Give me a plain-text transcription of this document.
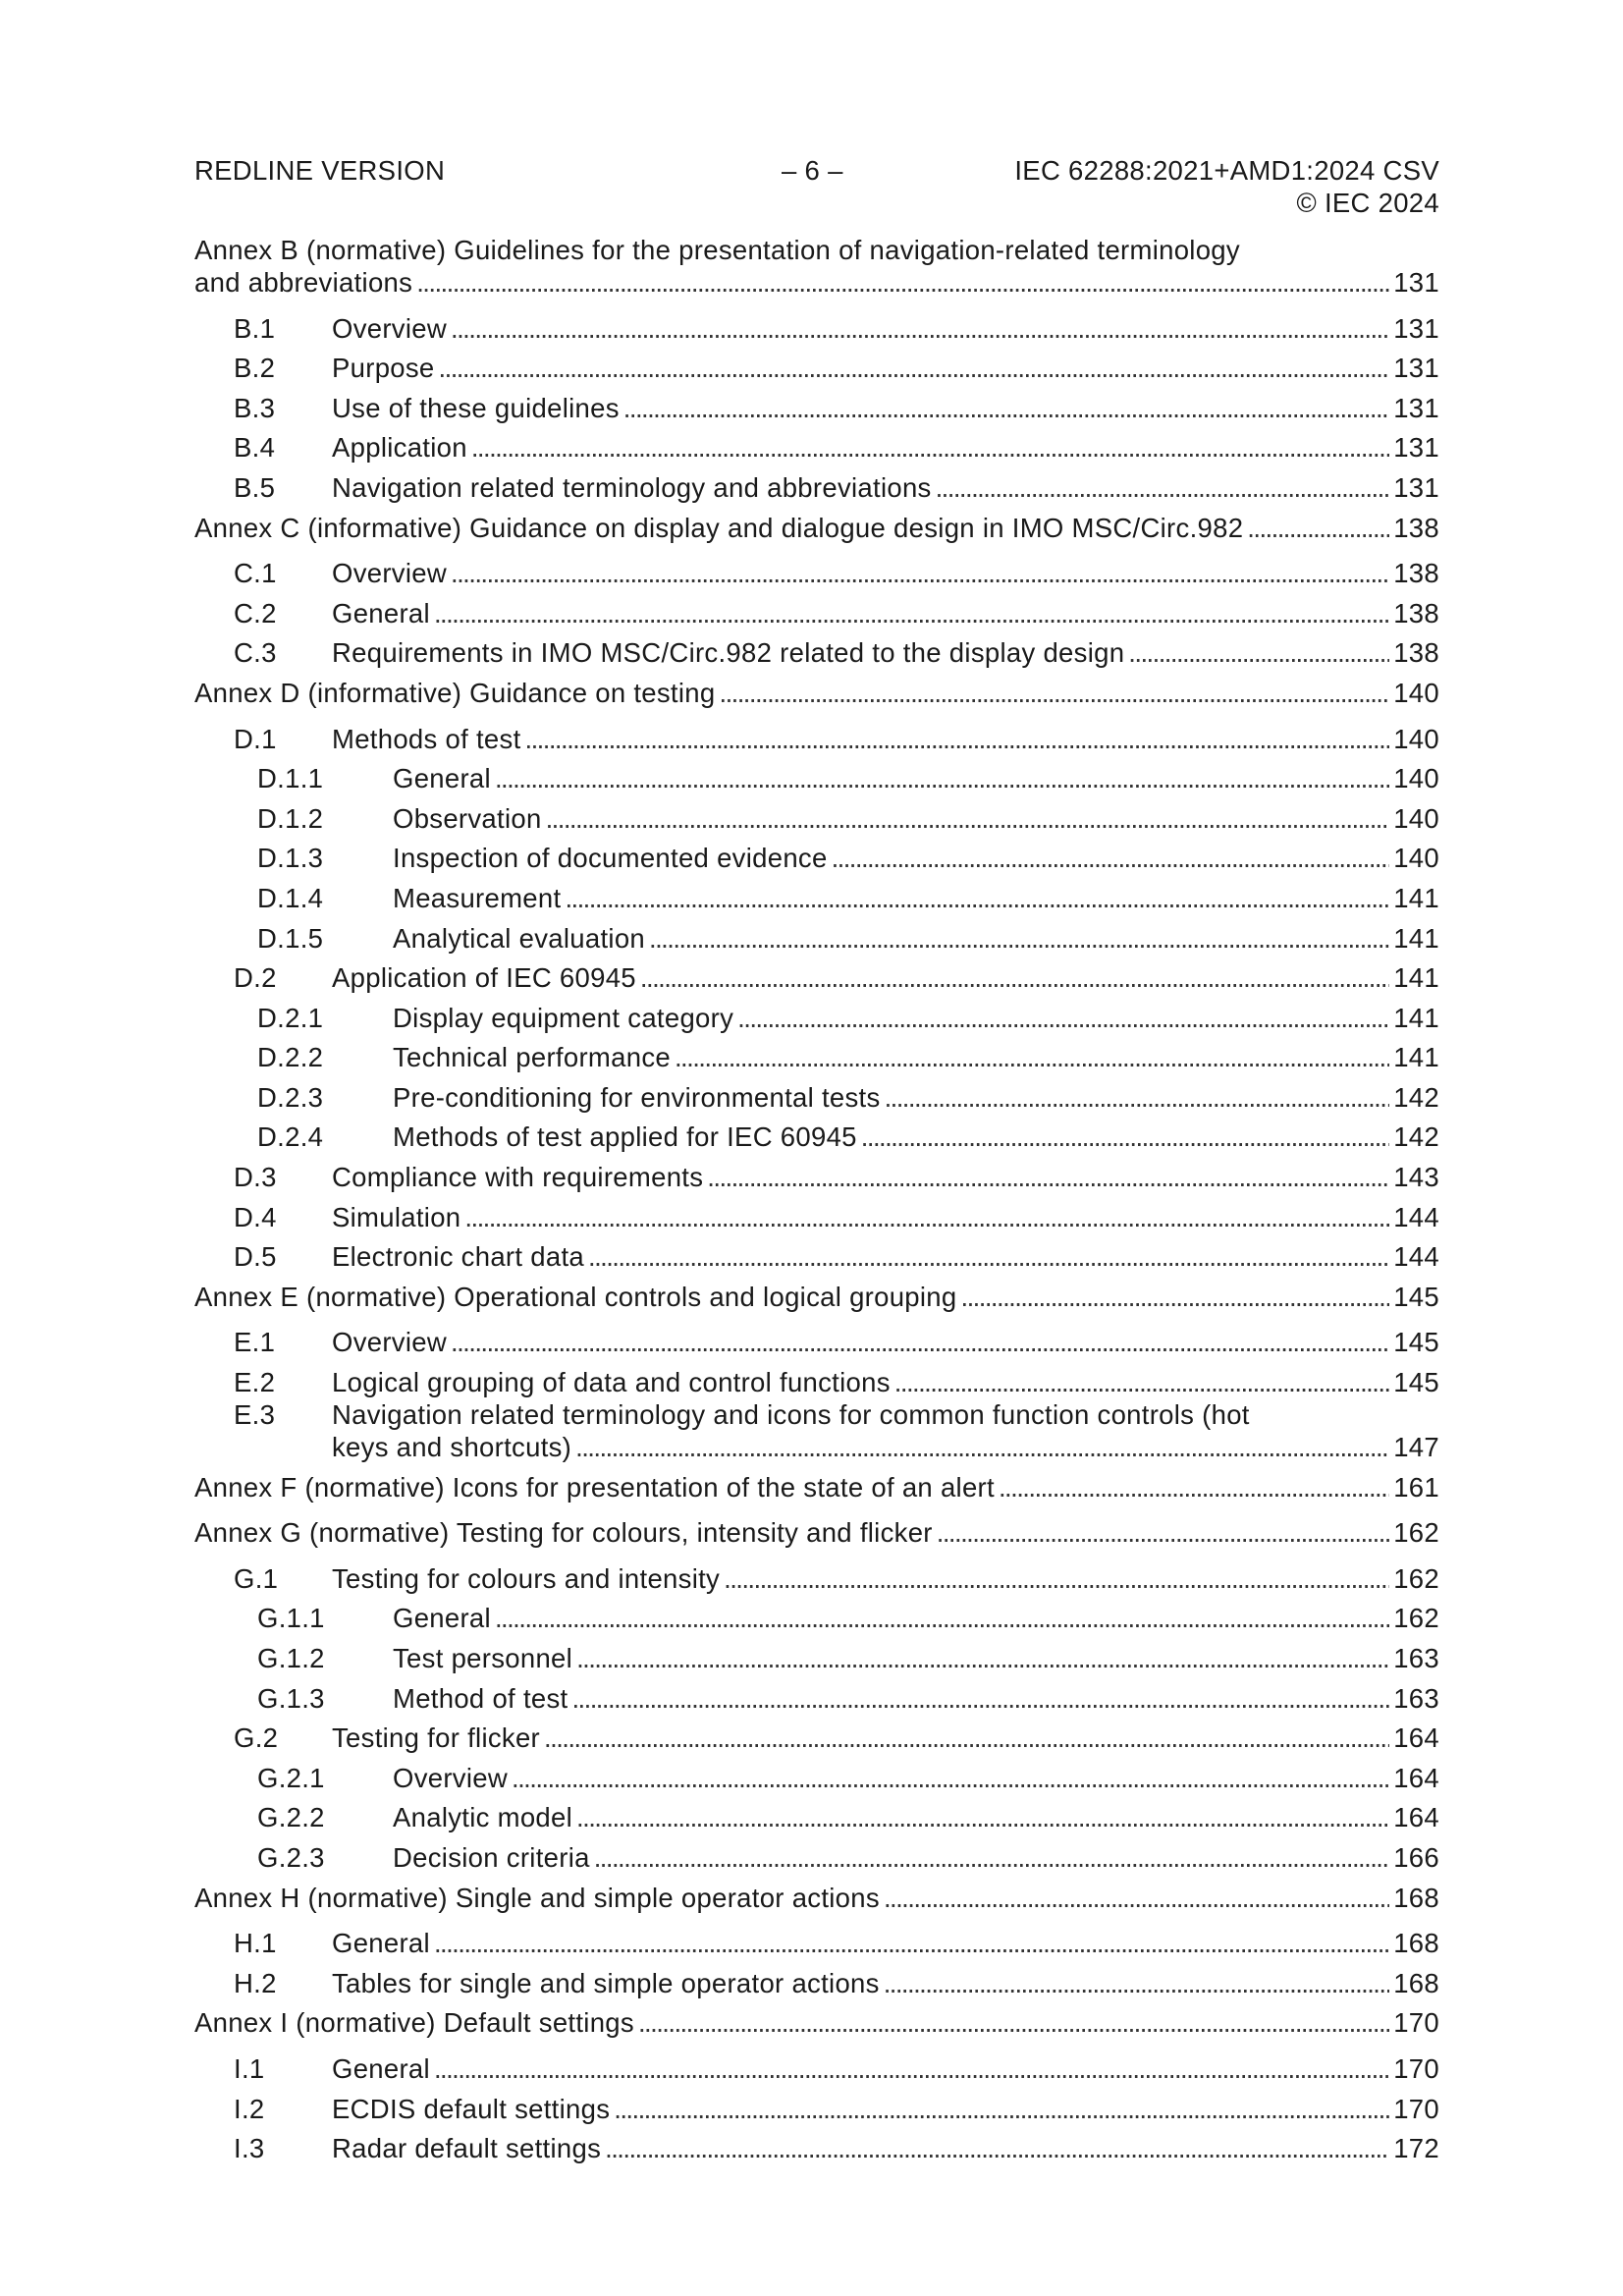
REDLINE VERSION	– 6 –	IEC 62288:2021+AMD1:2024 CSV
© IEC 2024
Annex B (normative) Guidelines for the presentation of navigation-related terminology
and abbreviations . . .	131
B.1	Overview . . .	131
B.2	Purpose . . .	131
B.3	Use of these guidelines . . .	131
B.4	Application . . .	131
B.5	Navigation related terminology and abbreviations . . .	131
Annex C (informative) Guidance on display and dialogue design in IMO MSC/Circ.982 . . .	138
C.1	Overview . . .	138
C.2	General . . .	138
C.3	Requirements in IMO MSC/Circ.982 related to the display design . . .	138
Annex D (informative) Guidance on testing . . .	140
D.1	Methods of test . . .	140
D.1.1	General . . .	140
D.1.2	Observation . . .	140
D.1.3	Inspection of documented evidence . . .	140
D.1.4	Measurement . . .	141
D.1.5	Analytical evaluation . . .	141
D.2	Application of IEC 60945 . . .	141
D.2.1	Display equipment category . . .	141
D.2.2	Technical performance . . .	141
D.2.3	Pre-conditioning for environmental tests . . .	142
D.2.4	Methods of test applied for IEC 60945 . . .	142
D.3	Compliance with requirements . . .	143
D.4	Simulation . . .	144
D.5	Electronic chart data . . .	144
Annex E (normative) Operational controls and logical grouping . . .	145
E.1	Overview . . .	145
E.2	Logical grouping of data and control functions . . .	145
E.3	Navigation related terminology and icons for common function controls (hot
keys and shortcuts) . . .	147
Annex F (normative) Icons for presentation of the state of an alert . . .	161
Annex G (normative) Testing for colours, intensity and flicker . . .	162
G.1	Testing for colours and intensity . . .	162
G.1.1	General . . .	162
G.1.2	Test personnel . . .	163
G.1.3	Method of test . . .	163
G.2	Testing for flicker . . .	164
G.2.1	Overview . . .	164
G.2.2	Analytic model . . .	164
G.2.3	Decision criteria . . .	166
Annex H (normative) Single and simple operator actions . . .	168
H.1	General . . .	168
H.2	Tables for single and simple operator actions . . .	168
Annex I (normative) Default settings . . .	170
I.1	General . . .	170
I.2	ECDIS default settings . . .	170
I.3	Radar default settings . . .	172
